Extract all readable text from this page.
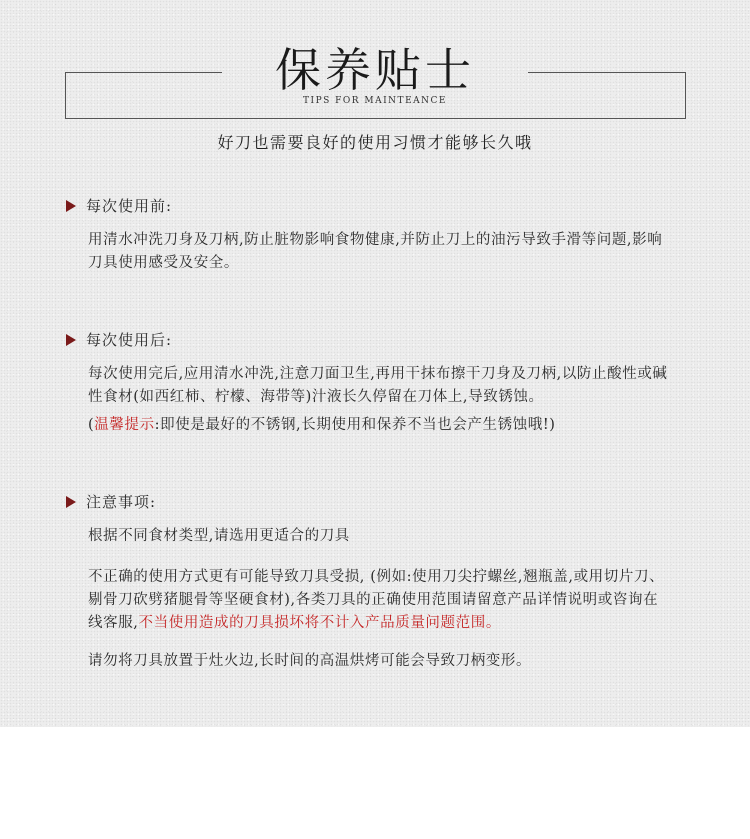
保养贴士
TIPS FOR MAINTEANCE
好刀也需要良好的使用习惯才能够长久哦
每次使用前:
用清水冲洗刀身及刀柄,防止脏物影响食物健康,并防止刀上的油污导致手滑等问题,影响刀具使用感受及安全。
每次使用后:
每次使用完后,应用清水冲洗,注意刀面卫生,再用干抹布擦干刀身及刀柄,以防止酸性或碱性食材(如西红柿、柠檬、海带等)汁液长久停留在刀体上,导致锈蚀。
(温馨提示:即使是最好的不锈钢,长期使用和保养不当也会产生锈蚀哦!)
注意事项:
根据不同食材类型,请选用更适合的刀具
不正确的使用方式更有可能导致刀具受损, (例如:使用刀尖拧螺丝,翘瓶盖,或用切片刀、剔骨刀砍劈猪腿骨等坚硬食材),各类刀具的正确使用范围请留意产品详情说明或咨询在线客服,不当使用造成的刀具损坏将不计入产品质量问题范围。
请勿将刀具放置于灶火边,长时间的高温烘烤可能会导致刀柄变形。
